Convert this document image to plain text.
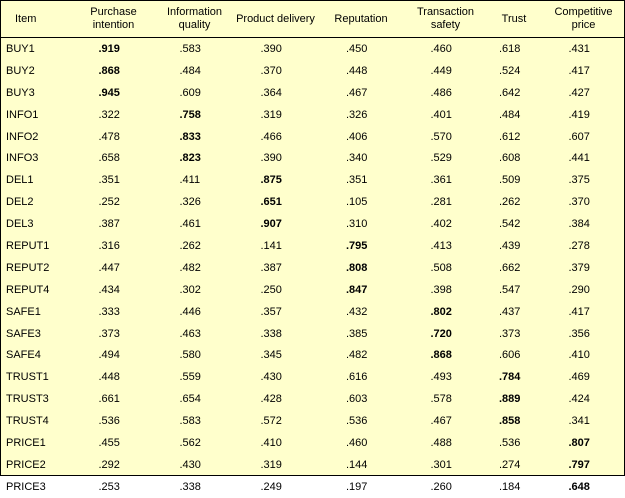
Item	Purchase intention	Information quality	Product delivery	Reputation	Transaction safety	Trust	Competitive price
BUY1	.919	.583	.390	.450	.460	.618	.431
BUY2	.868	.484	.370	.448	.449	.524	.417
BUY3	.945	.609	.364	.467	.486	.642	.427
INFO1	.322	.758	.319	.326	.401	.484	.419
INFO2	.478	.833	.466	.406	.570	.612	.607
INFO3	.658	.823	.390	.340	.529	.608	.441
DEL1	.351	.411	.875	.351	.361	.509	.375
DEL2	.252	.326	.651	.105	.281	.262	.370
DEL3	.387	.461	.907	.310	.402	.542	.384
REPUT1	.316	.262	.141	.795	.413	.439	.278
REPUT2	.447	.482	.387	.808	.508	.662	.379
REPUT4	.434	.302	.250	.847	.398	.547	.290
SAFE1	.333	.446	.357	.432	.802	.437	.417
SAFE3	.373	.463	.338	.385	.720	.373	.356
SAFE4	.494	.580	.345	.482	.868	.606	.410
TRUST1	.448	.559	.430	.616	.493	.784	.469
TRUST3	.661	.654	.428	.603	.578	.889	.424
TRUST4	.536	.583	.572	.536	.467	.858	.341
PRICE1	.455	.562	.410	.460	.488	.536	.807
PRICE2	.292	.430	.319	.144	.301	.274	.797
PRICE3	.253	.338	.249	.197	.260	.184	.648
